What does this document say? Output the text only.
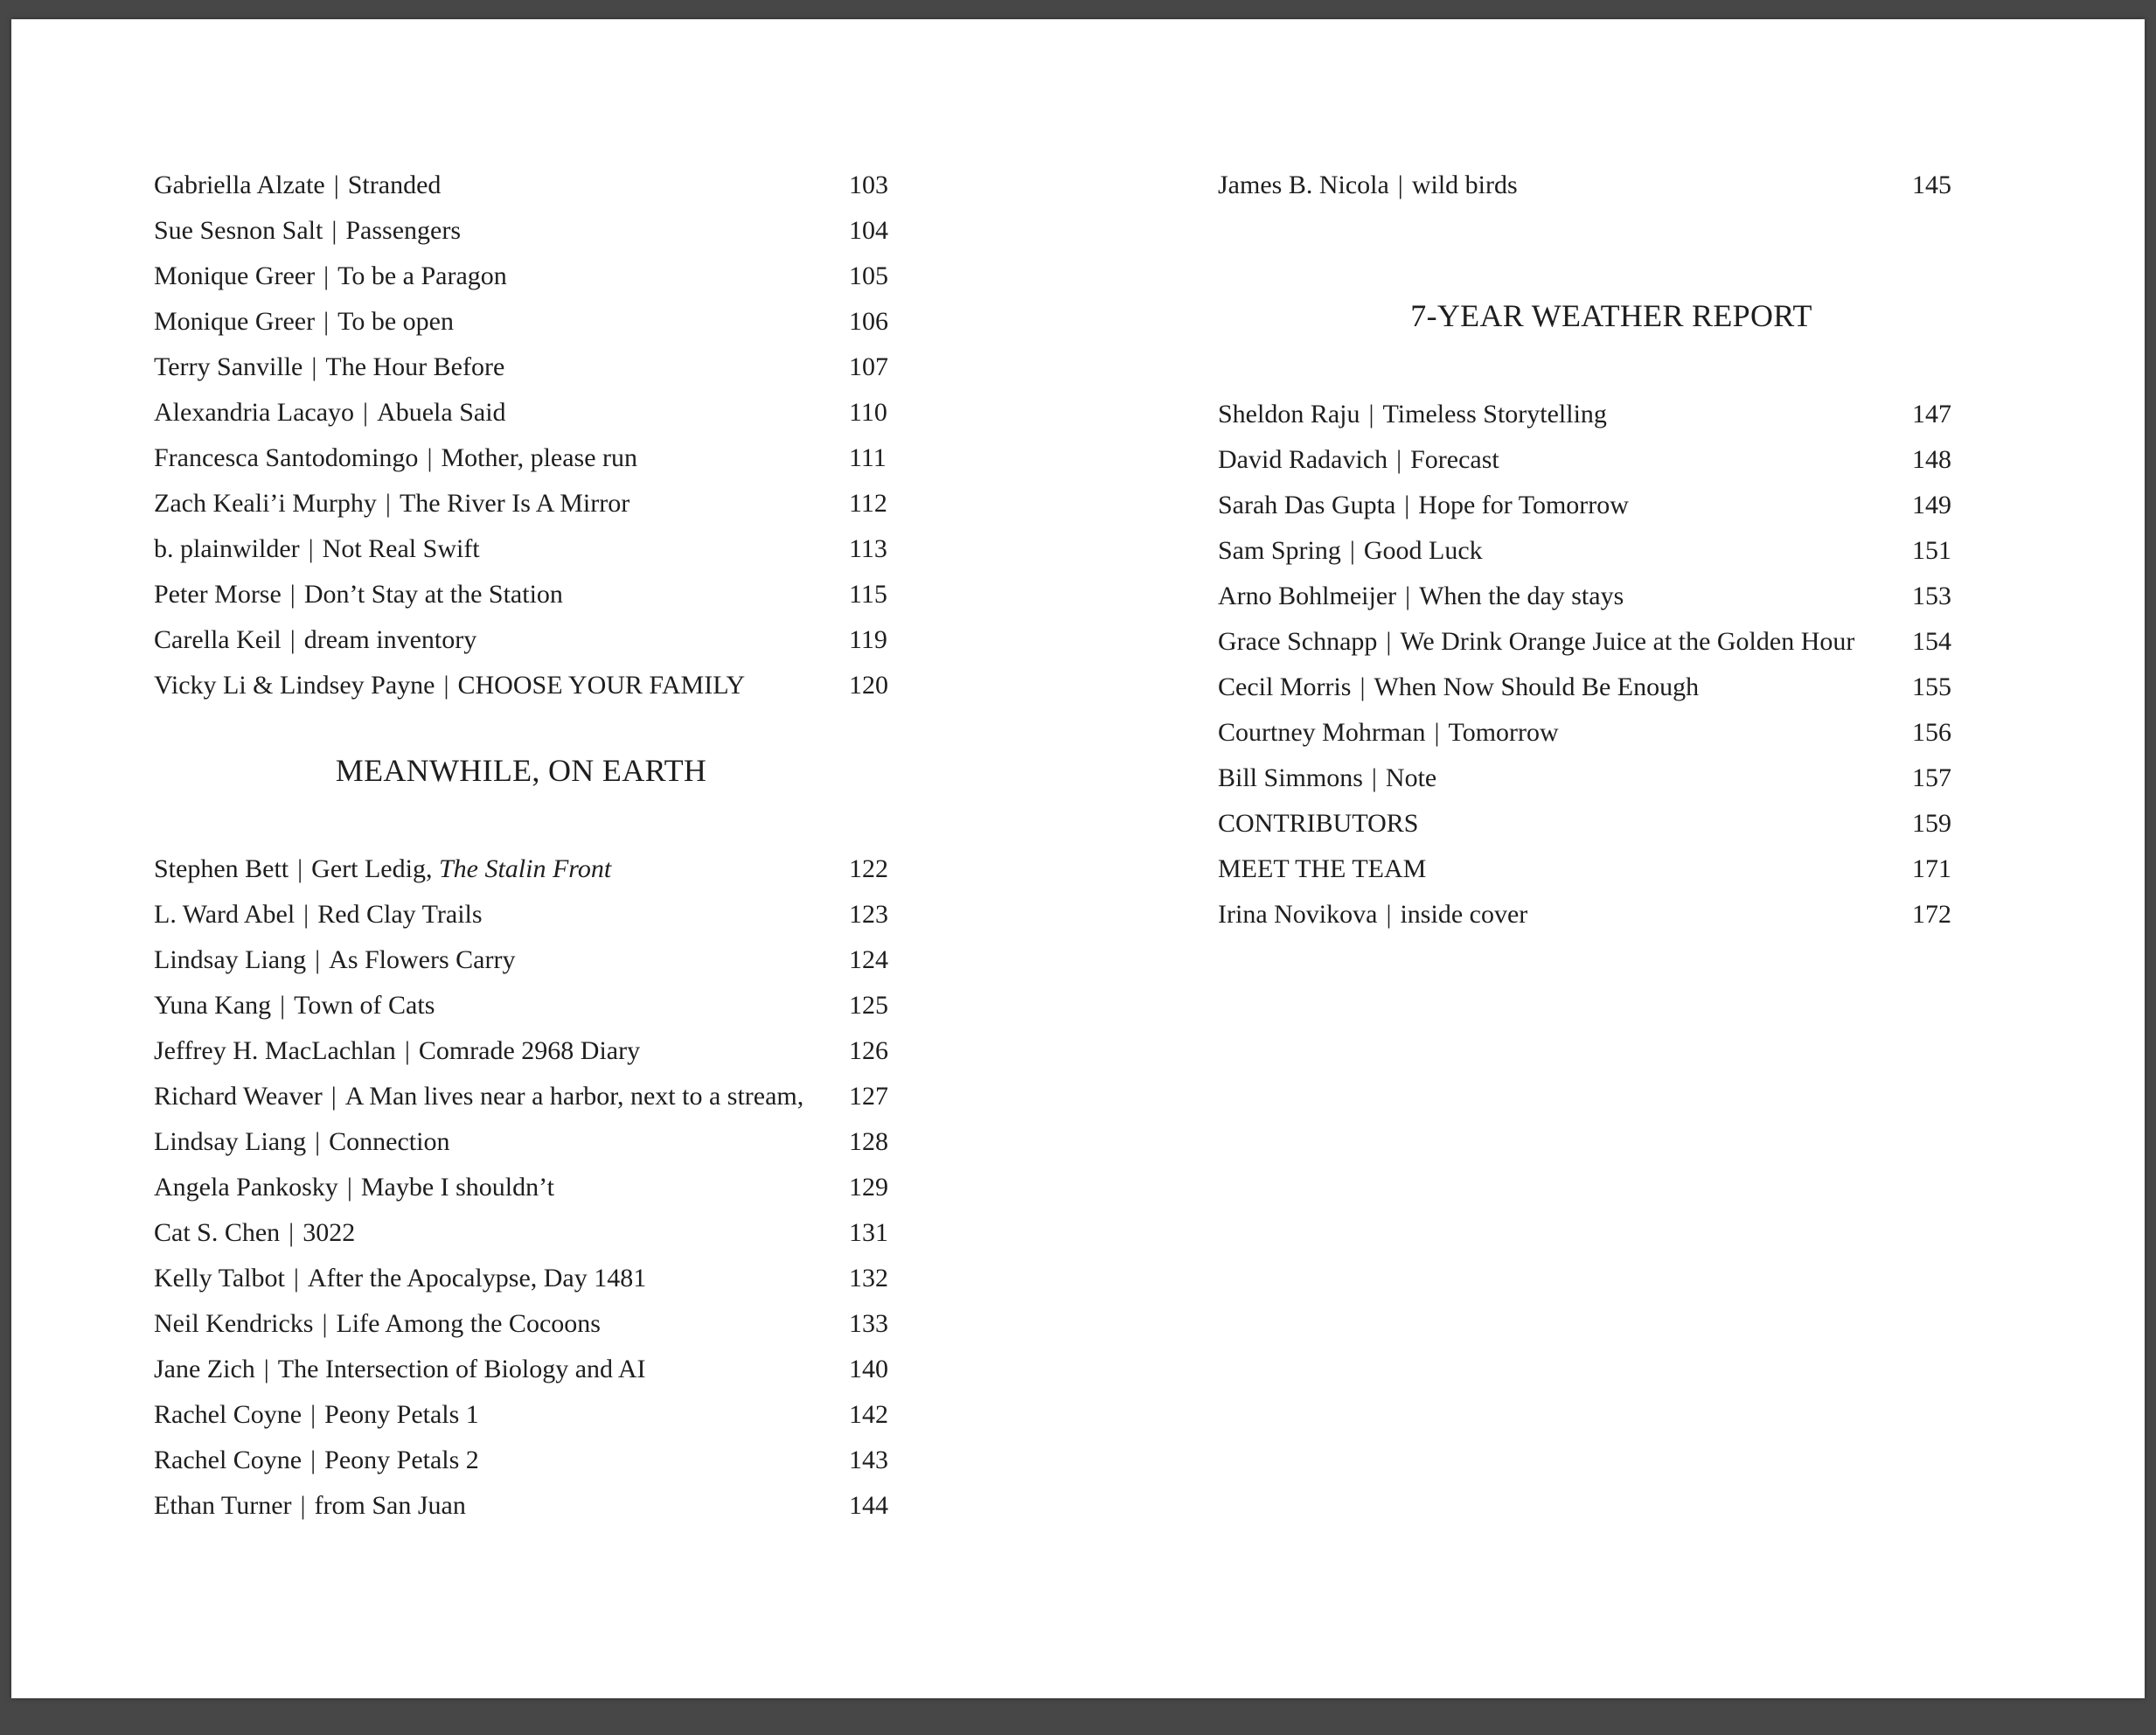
Gabriella Alzate | Stranded	103
Sue Sesnon Salt | Passengers	104
Monique Greer | To be a Paragon	105
Monique Greer | To be open	106
Terry Sanville | The Hour Before	107
Alexandria Lacayo | Abuela Said	110
Francesca Santodomingo | Mother, please run	111
Zach Keali’i Murphy | The River Is A Mirror	112
b. plainwilder | Not Real Swift	113
Peter Morse | Don’t Stay at the Station	115
Carella Keil | dream inventory	119
Vicky Li & Lindsey Payne | CHOOSE YOUR FAMILY	120
MEANWHILE, ON EARTH
Stephen Bett | Gert Ledig, The Stalin Front	122
L. Ward Abel | Red Clay Trails	123
Lindsay Liang | As Flowers Carry	124
Yuna Kang | Town of Cats	125
Jeffrey H. MacLachlan | Comrade 2968 Diary	126
Richard Weaver | A Man lives near a harbor, next to a stream, 127
Lindsay Liang | Connection	128
Angela Pankosky | Maybe I shouldn’t	129
Cat S. Chen | 3022	131
Kelly Talbot | After the Apocalypse, Day 1481	132
Neil Kendricks | Life Among the Cocoons	133
Jane Zich | The Intersection of Biology and AI	140
Rachel Coyne | Peony Petals 1	142
Rachel Coyne | Peony Petals 2	143
Ethan Turner | from San Juan	144
James B. Nicola | wild birds	145
7-YEAR WEATHER REPORT
Sheldon Raju | Timeless Storytelling	147
David Radavich | Forecast	148
Sarah Das Gupta | Hope for Tomorrow	149
Sam Spring | Good Luck	151
Arno Bohlmeijer | When the day stays	153
Grace Schnapp | We Drink Orange Juice at the Golden Hour 154
Cecil Morris | When Now Should Be Enough	155
Courtney Mohrman | Tomorrow	156
Bill Simmons | Note	157
CONTRIBUTORS	159
MEET THE TEAM	171
Irina Novikova | inside cover	172
